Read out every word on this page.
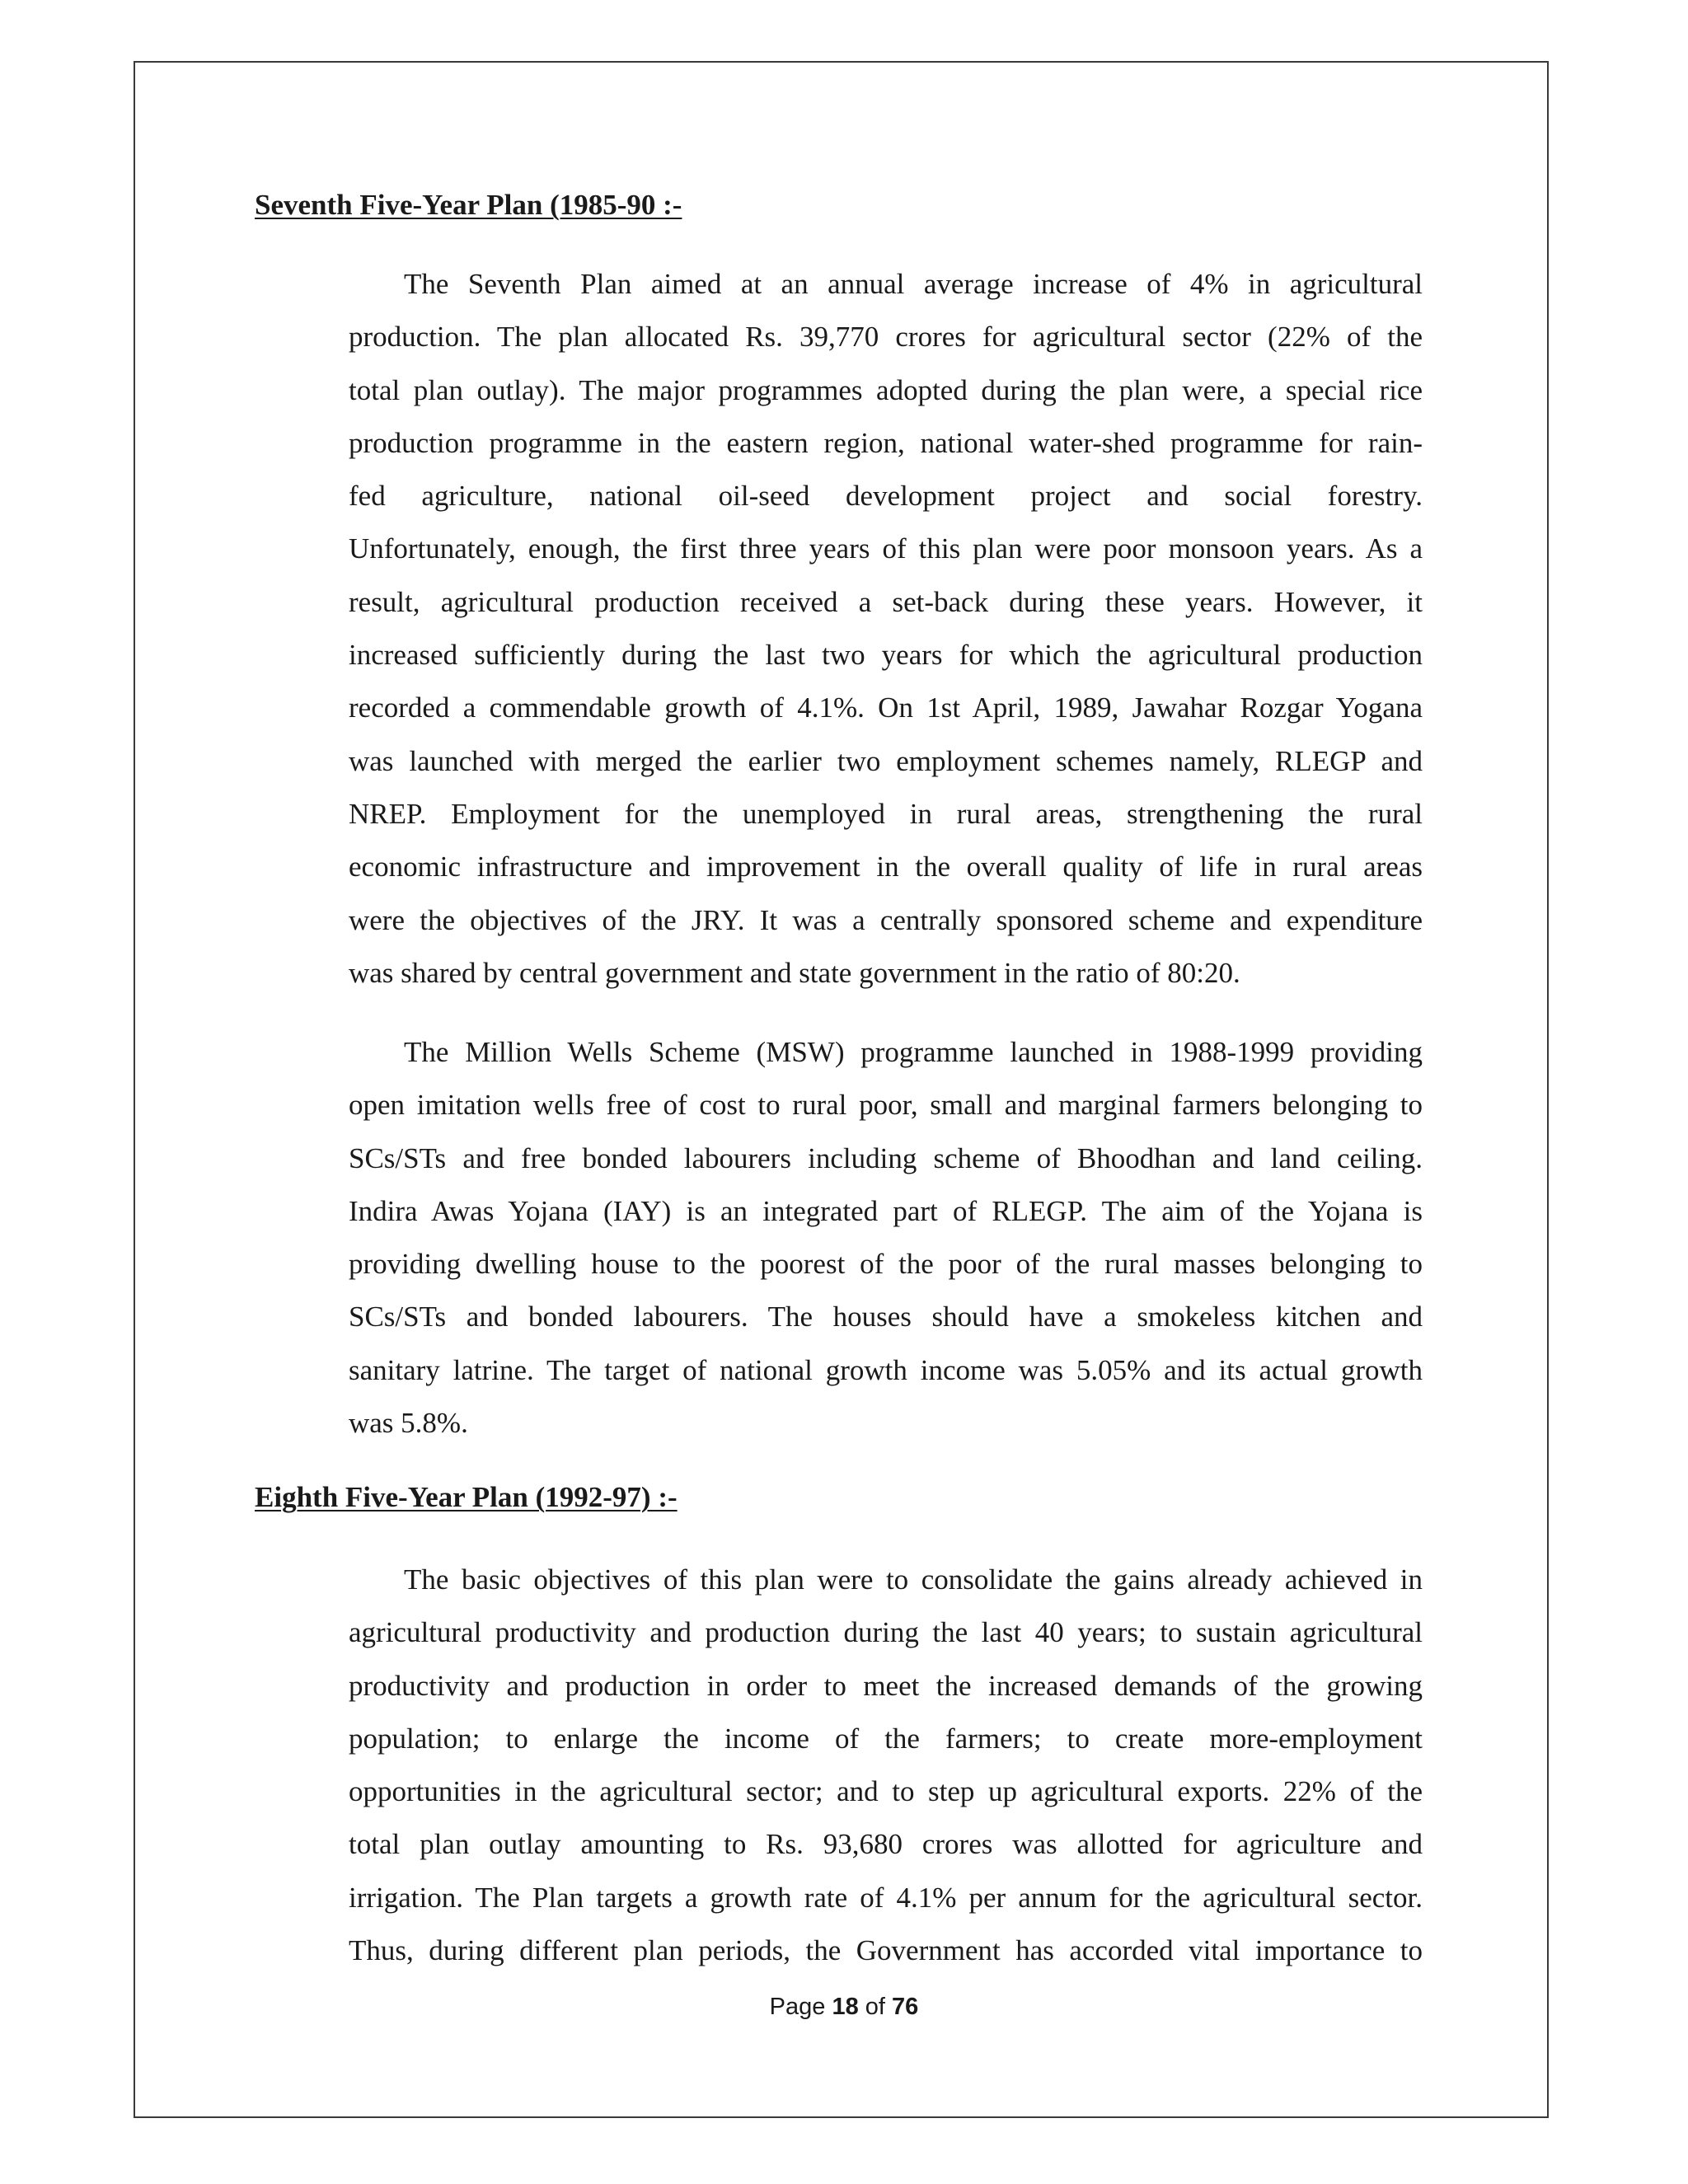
Seventh Five-Year Plan (1985-90 :-
The Seventh Plan aimed at an annual average increase of 4% in agricultural
production. The plan allocated Rs. 39,770 crores for agricultural sector (22% of the
total plan outlay). The major programmes adopted during the plan were, a special rice
production programme in the eastern region, national water-shed programme for rain-
fed agriculture, national oil-seed development project and social forestry.
Unfortunately, enough, the first three years of this plan were poor monsoon years. As a
result, agricultural production received a set-back during these years. However, it
increased sufficiently during the last two years for which the agricultural production
recorded a commendable growth of 4.1%. On 1st April, 1989, Jawahar Rozgar Yogana
was launched with merged the earlier two employment schemes namely, RLEGP and
NREP. Employment for the unemployed in rural areas, strengthening the rural
economic infrastructure and improvement in the overall quality of life in rural areas
were the objectives of the JRY. It was a centrally sponsored scheme and expenditure
was shared by central government and state government in the ratio of 80:20.
The Million Wells Scheme (MSW) programme launched in 1988-1999 providing
open imitation wells free of cost to rural poor, small and marginal farmers belonging to
SCs/STs and free bonded labourers including scheme of Bhoodhan and land ceiling.
Indira Awas Yojana (IAY) is an integrated part of RLEGP. The aim of the Yojana is
providing dwelling house to the poorest of the poor of the rural masses belonging to
SCs/STs and bonded labourers. The houses should have a smokeless kitchen and
sanitary latrine. The target of national growth income was 5.05% and its actual growth
was 5.8%.
Eighth Five-Year Plan (1992-97) :-
The basic objectives of this plan were to consolidate the gains already achieved in
agricultural productivity and production during the last 40 years; to sustain agricultural
productivity and production in order to meet the increased demands of the growing
population; to enlarge the income of the farmers; to create more-employment
opportunities in the agricultural sector; and to step up agricultural exports. 22% of the
total plan outlay amounting to Rs. 93,680 crores was allotted for agriculture and
irrigation. The Plan targets a growth rate of 4.1% per annum for the agricultural sector.
Thus, during different plan periods, the Government has accorded vital importance to
Page 18 of 76
